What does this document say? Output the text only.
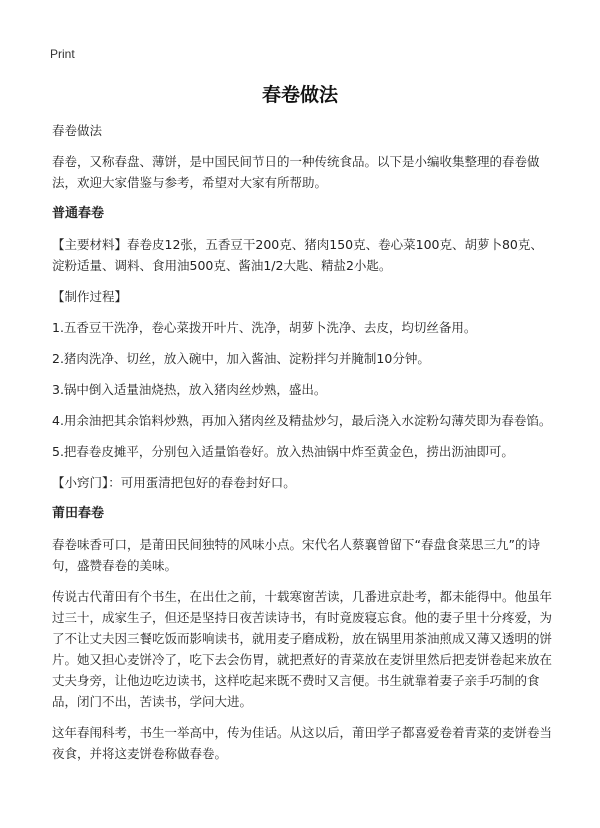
Print
春卷做法

春卷做法

春卷，又称春盘、薄饼，是中国民间节日的一种传统食品。以下是小编收集整理的春卷做法，欢迎大家借鉴与参考，希望对大家有所帮助。

普通春卷

【主要材料】春卷皮12张，五香豆干200克、猪肉150克、卷心菜100克、胡萝卜80克、淀粉适量、调料、食用油500克、酱油1/2大匙、精盐2小匙。

【制作过程】

1.五香豆干洗净，卷心菜拨开叶片、洗净，胡萝卜洗净、去皮，均切丝备用。

2.猪肉洗净、切丝，放入碗中，加入酱油、淀粉拌匀并腌制10分钟。

3.锅中倒入适量油烧热，放入猪肉丝炒熟，盛出。

4.用余油把其余馅料炒熟，再加入猪肉丝及精盐炒匀，最后浇入水淀粉勾薄芡即为春卷馅。

5.把春卷皮摊平，分别包入适量馅卷好。放入热油锅中炸至黄金色，捞出沥油即可。

【小窍门】：可用蛋清把包好的春卷封好口。

莆田春卷

春卷味香可口，是莆田民间独特的风味小点。宋代名人蔡襄曾留下“春盘食菜思三九”的诗句，盛赞春卷的美味。

传说古代莆田有个书生，在出仕之前，十载寒窗苦读，几番进京赴考，都未能得中。他虽年过三十，成家生子，但还是坚持日夜苦读诗书，有时竟废寝忘食。他的妻子里十分疼爱，为了不让丈夫因三餐吃饭而影响读书，就用麦子磨成粉，放在锅里用茶油煎成又薄又透明的饼片。她又担心麦饼冷了，吃下去会伤胃，就把煮好的青菜放在麦饼里然后把麦饼卷起来放在丈夫身旁，让他边吃边读书，这样吃起来既不费时又言便。书生就靠着妻子亲手巧制的食品，闭门不出，苦读书，学问大进。

这年春闱科考，书生一举高中，传为佳话。从这以后，莆田学子都喜爱卷着青菜的麦饼卷当夜食，并将这麦饼卷称做春卷。
